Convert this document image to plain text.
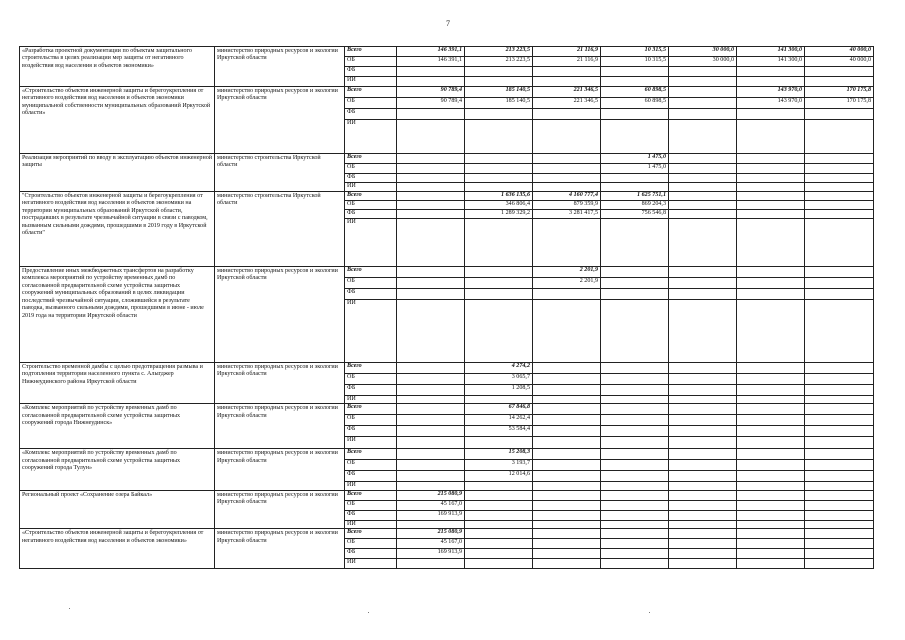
7
«Разработка проектной документации по объектам защитального строительства в целях реализации мер защиты от негативного воздействия вод населения и объектов экономики»	министерство природных ресурсов и экологии Иркутской области	Всего	146 391,1	213 223,5	21 116,9	10 315,5	30 000,0	141 300,0	40 000,0
		ОБ	146 391,1	213 223,5	21 116,9	10 315,5	30 000,0	141 300,0	40 000,0
		ФБ							
		ИИ							
«Строительство объектов инженерной защиты и берегоукрепления от негативного воздействия вод населения и объектов экономики муниципальной собственности муниципальных образований Иркутской области»	министерство природных ресурсов и экологии Иркутской области	Всего	90 789,4	185 140,5	221 346,5	60 898,5		143 970,0	170 175,8
		ОБ	90 789,4	185 140,5	221 346,5	60 898,5		143 970,0	170 175,8
		ФБ							
		ИИ							
Реализация мероприятий по вводу в эксплуатацию объектов инженерной защиты	министерство строительства Иркутской области	Всего				1 475,0			
		ОБ				1 475,0			
		ФБ							
		ИИ							
"Строительство объектов инженерной защиты и берегоукрепления от негативного воздействия вод населения и объектов экономики на территории муниципальных образований Иркутской области, пострадавших в результате чрезвычайной ситуации в связи с паводком, вызванным сильными дождями, прошедшими в 2019 году в Иркутской области"	министерство строительства Иркутской области	Всего		1 636 135,6	4 160 777,4	1 625 751,1			
		ОБ		346 806,4	879 359,9	869 204,3			
		ФБ		1 289 329,2	3 281 417,5	756 546,8			
		ИИ							
Предоставление иных межбюджетных трансфертов на разработку комплекса мероприятий по устройству временных дамб по согласованной предварительной схеме устройства защитных сооружений муниципальных образований в целях ликвидации последствий чрезвычайной ситуации, сложившейся в результате паводка, вызванного сильными дождями, прошедшими в июне - июле 2019 года на территории Иркутской области	министерство природных ресурсов и экологии Иркутской области	Всего			2 201,9				
		ОБ			2 201,9				
		ФБ							
		ИИ							
Строительство временной дамбы с целью предотвращения размыва и подтопления территории населенного пункта с. Алыгджер Нижнеудинского района Иркутской области	министерство природных ресурсов и экологии Иркутской области	Всего		4 274,2					
		ОБ		3 065,7					
		ФБ		1 208,5					
		ИИ							
«Комплекс мероприятий по устройству временных дамб по согласованной предварительной схеме устройства защитных сооружений города Нижнеудинск»	министерство природных ресурсов и экологии Иркутской области	Всего		67 846,8					
		ОБ		14 262,4					
		ФБ		53 584,4					
		ИИ							
«Комплекс мероприятий по устройству временных дамб по согласованной предварительной схеме устройства защитных сооружений города Тулун»	министерство природных ресурсов и экологии Иркутской области	Всего		15 208,3					
		ОБ		3 193,7					
		ФБ		12 014,6					
		ИИ							
Региональный проект «Сохранение озера Байкал»	министерство природных ресурсов и экологии Иркутской области	Всего	215 080,9						
		ОБ	45 167,0						
		ФБ	169 913,9						
		ИИ							
«Строительство объектов инженерной защиты и берегоукрепления от негативного воздействия вод населения и объектов экономики»	министерство природных ресурсов и экологии Иркутской области	Всего	215 080,9						
		ОБ	45 167,0						
		ФБ	169 913,9						
		ИИ							
·	·	·
